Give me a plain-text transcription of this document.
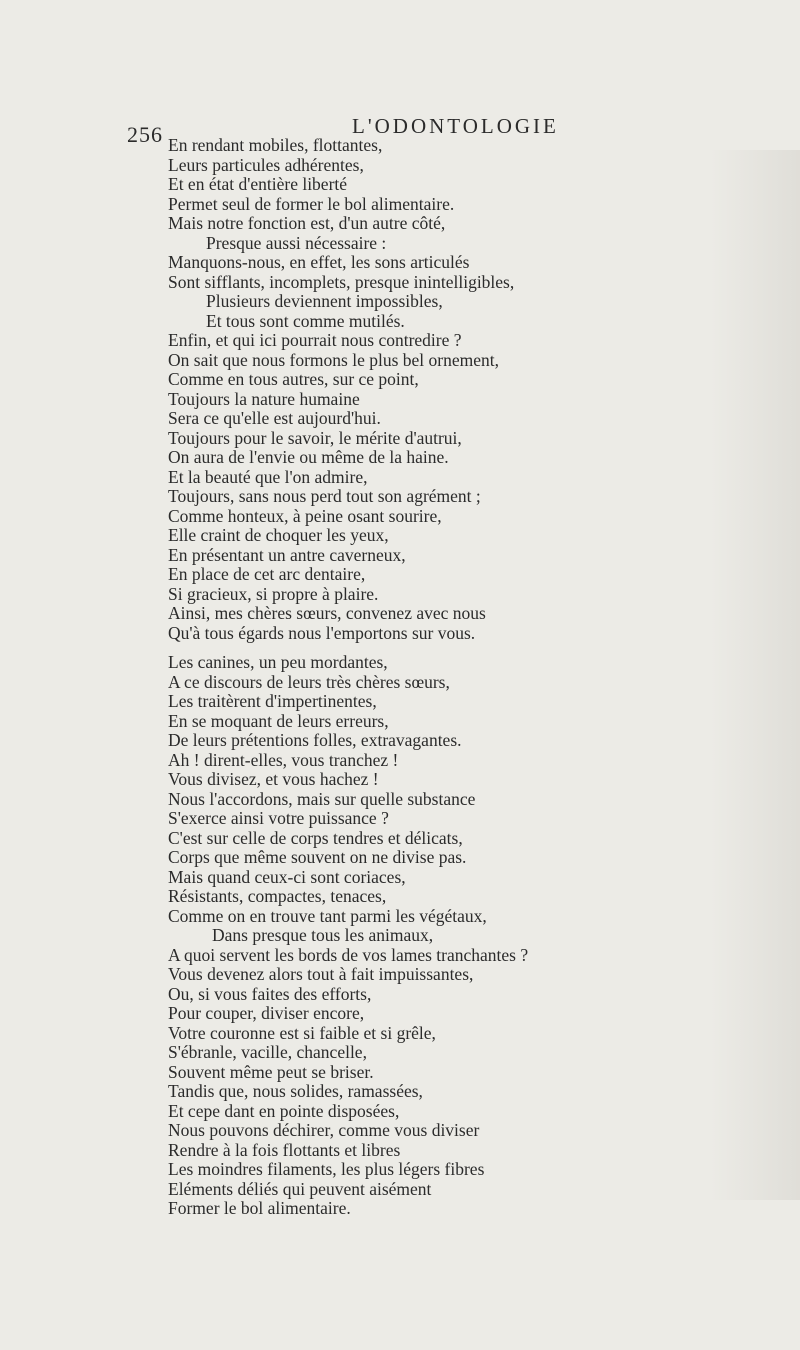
256	L'ODONTOLOGIE
En rendant mobiles, flottantes,
Leurs particules adhérentes,
Et en état d'entière liberté
Permet seul de former le bol alimentaire.
Mais notre fonction est, d'un autre côté,
Presque aussi nécessaire :
Manquons-nous, en effet, les sons articulés
Sont sifflants, incomplets, presque inintelligibles,
Plusieurs deviennent impossibles,
Et tous sont comme mutilés.
Enfin, et qui ici pourrait nous contredire ?
On sait que nous formons le plus bel ornement,
Comme en tous autres, sur ce point,
Toujours la nature humaine
Sera ce qu'elle est aujourd'hui.
Toujours pour le savoir, le mérite d'autrui,
On aura de l'envie ou même de la haine.
Et la beauté que l'on admire,
Toujours, sans nous perd tout son agrément ;
Comme honteux, à peine osant sourire,
Elle craint de choquer les yeux,
En présentant un antre caverneux,
En place de cet arc dentaire,
Si gracieux, si propre à plaire.
Ainsi, mes chères sœurs, convenez avec nous
Qu'à tous égards nous l'emportons sur vous.
Les canines, un peu mordantes,
A ce discours de leurs très chères sœurs,
Les traitèrent d'impertinentes,
En se moquant de leurs erreurs,
De leurs prétentions folles, extravagantes.
Ah ! dirent-elles, vous tranchez !
Vous divisez, et vous hachez !
Nous l'accordons, mais sur quelle substance
S'exerce ainsi votre puissance ?
C'est sur celle de corps tendres et délicats,
Corps que même souvent on ne divise pas.
Mais quand ceux-ci sont coriaces,
Résistants, compactes, tenaces,
Comme on en trouve tant parmi les végétaux,
Dans presque tous les animaux,
A quoi servent les bords de vos lames tranchantes ?
Vous devenez alors tout à fait impuissantes,
Ou, si vous faites des efforts,
Pour couper, diviser encore,
Votre couronne est si faible et si grêle,
S'ébranle, vacille, chancelle,
Souvent même peut se briser.
Tandis que, nous solides, ramassées,
Et cepe dant en pointe disposées,
Nous pouvons déchirer, comme vous diviser
Rendre à la fois flottants et libres
Les moindres filaments, les plus légers fibres
Eléments déliés qui peuvent aisément
Former le bol alimentaire.
